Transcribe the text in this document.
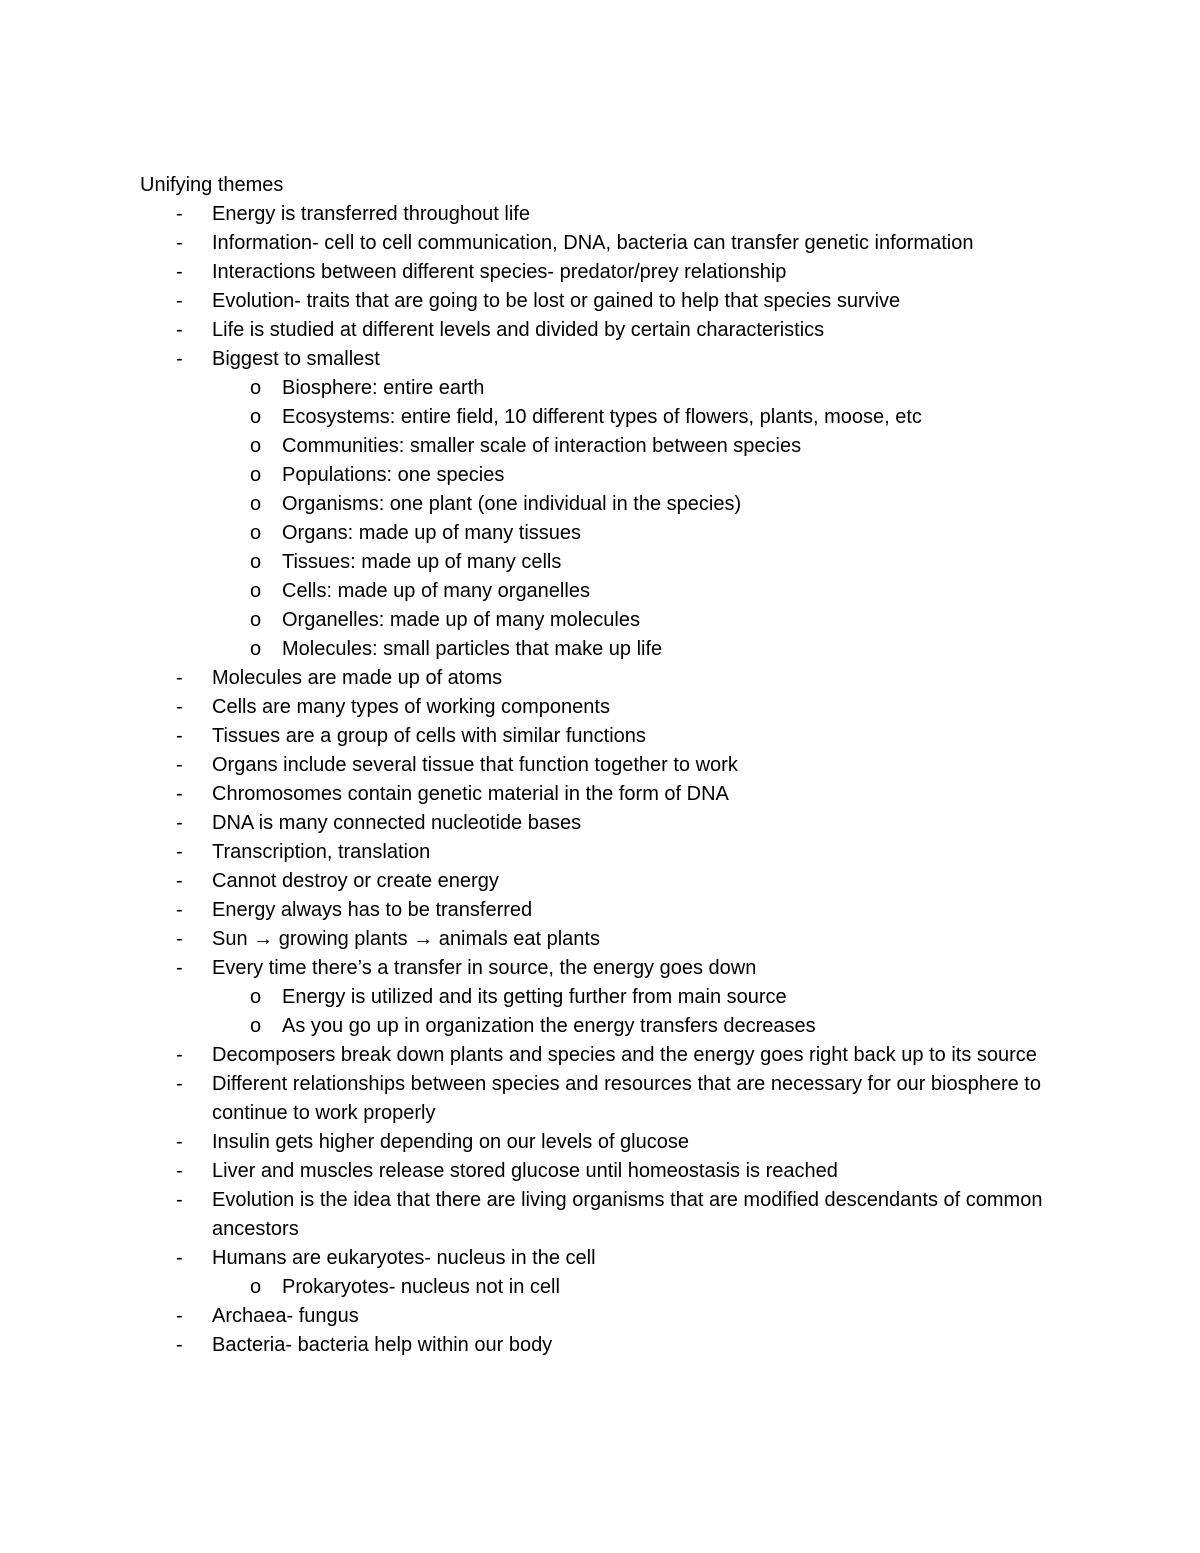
Unifying themes
- Energy is transferred throughout life
- Information- cell to cell communication, DNA, bacteria can transfer genetic information
- Interactions between different species- predator/prey relationship
- Evolution- traits that are going to be lost or gained to help that species survive
- Life is studied at different levels and divided by certain characteristics
- Biggest to smallest
o Biosphere: entire earth
o Ecosystems: entire field, 10 different types of flowers, plants, moose, etc
o Communities: smaller scale of interaction between species
o Populations: one species
o Organisms: one plant (one individual in the species)
o Organs: made up of many tissues
o Tissues: made up of many cells
o Cells: made up of many organelles
o Organelles: made up of many molecules
o Molecules: small particles that make up life
- Molecules are made up of atoms
- Cells are many types of working components
- Tissues are a group of cells with similar functions
- Organs include several tissue that function together to work
- Chromosomes contain genetic material in the form of DNA
- DNA is many connected nucleotide bases
- Transcription, translation
- Cannot destroy or create energy
- Energy always has to be transferred
- Sun → growing plants → animals eat plants
- Every time there’s a transfer in source, the energy goes down
o Energy is utilized and its getting further from main source
o As you go up in organization the energy transfers decreases
- Decomposers break down plants and species and the energy goes right back up to its source
- Different relationships between species and resources that are necessary for our biosphere to continue to work properly
- Insulin gets higher depending on our levels of glucose
- Liver and muscles release stored glucose until homeostasis is reached
- Evolution is the idea that there are living organisms that are modified descendants of common ancestors
- Humans are eukaryotes- nucleus in the cell
o Prokaryotes- nucleus not in cell
- Archaea- fungus
- Bacteria- bacteria help within our body
